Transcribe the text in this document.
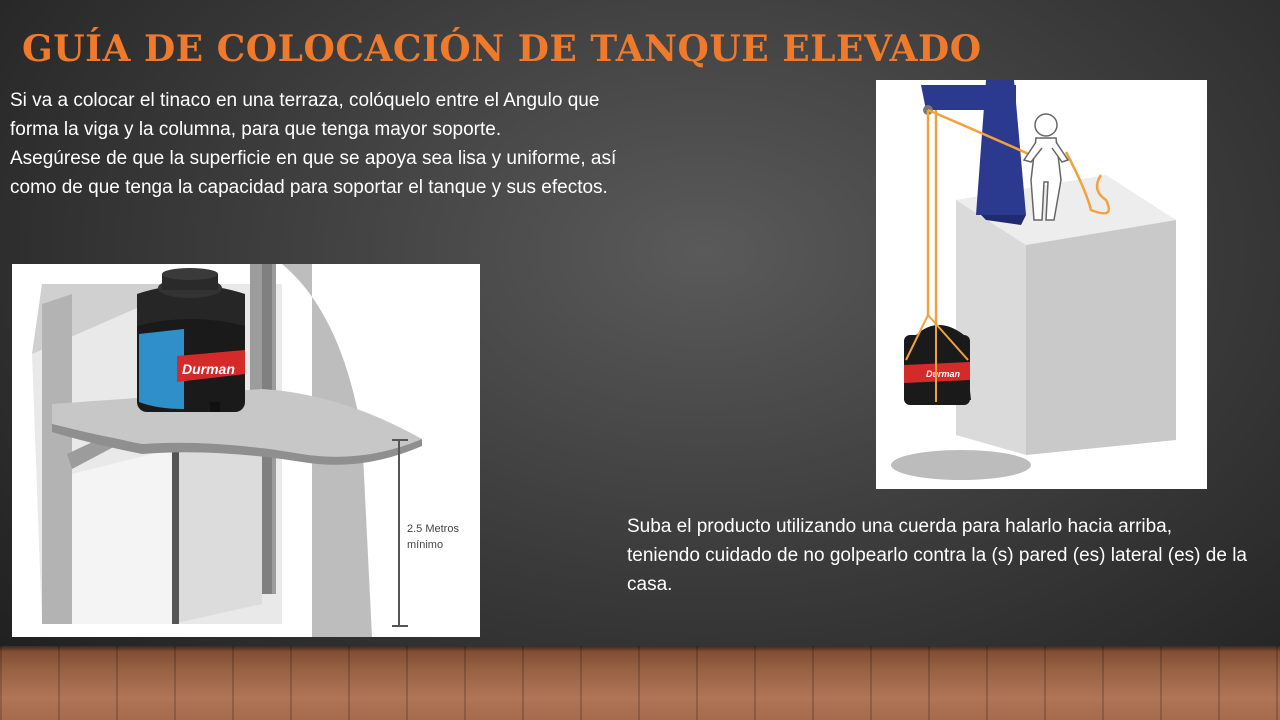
GUÍA DE COLOCACIÓN DE TANQUE ELEVADO

Si va a colocar el tinaco en una terraza, colóquelo entre el Angulo que forma la viga y la columna, para que tenga mayor soporte.

Asegúrese de que la superficie en que se apoya sea lisa y uniforme, así como de que tenga la capacidad para soportar el tanque y sus efectos.

Durman
2.5 Metros
mínimo
Durman

Suba el producto utilizando una cuerda para halarlo hacia arriba, teniendo cuidado de no golpearlo contra la (s) pared (es) lateral (es) de la casa.
